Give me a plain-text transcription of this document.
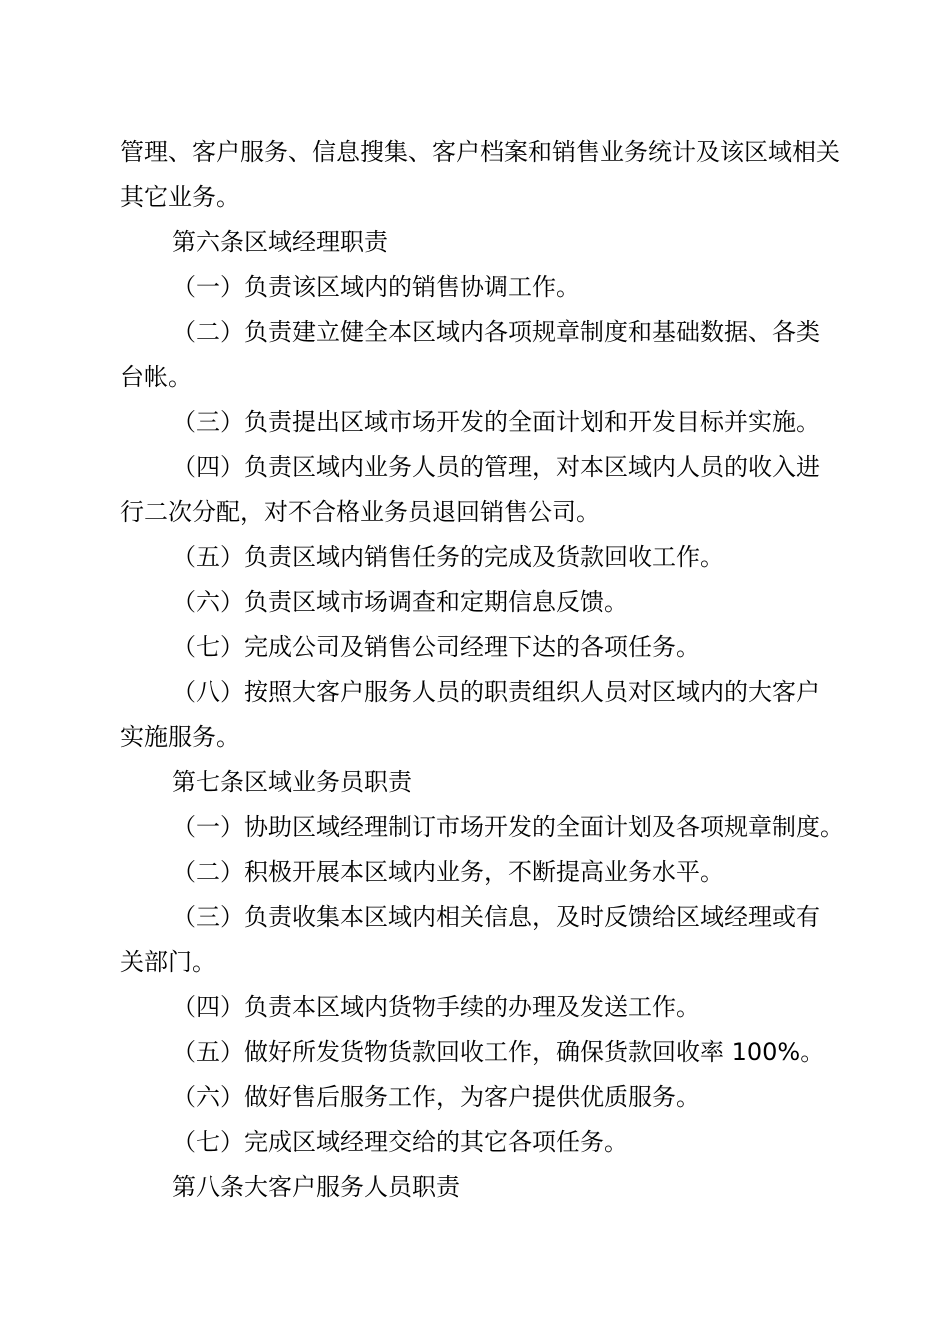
管理、客户服务、信息搜集、客户档案和销售业务统计及该区域相关
其它业务。

第六条区域经理职责

（一）负责该区域内的销售协调工作。

（二）负责建立健全本区域内各项规章制度和基础数据、各类
台帐。

（三）负责提出区域市场开发的全面计划和开发目标并实施。

（四）负责区域内业务人员的管理，对本区域内人员的收入进
行二次分配，对不合格业务员退回销售公司。

（五）负责区域内销售任务的完成及货款回收工作。

（六）负责区域市场调查和定期信息反馈。

（七）完成公司及销售公司经理下达的各项任务。

（八）按照大客户服务人员的职责组织人员对区域内的大客户
实施服务。

第七条区域业务员职责

（一）协助区域经理制订市场开发的全面计划及各项规章制度。

（二）积极开展本区域内业务，不断提高业务水平。

（三）负责收集本区域内相关信息，及时反馈给区域经理或有
关部门。

（四）负责本区域内货物手续的办理及发送工作。

（五）做好所发货物货款回收工作，确保货款回收率 100%。

（六）做好售后服务工作，为客户提供优质服务。

（七）完成区域经理交给的其它各项任务。

第八条大客户服务人员职责
